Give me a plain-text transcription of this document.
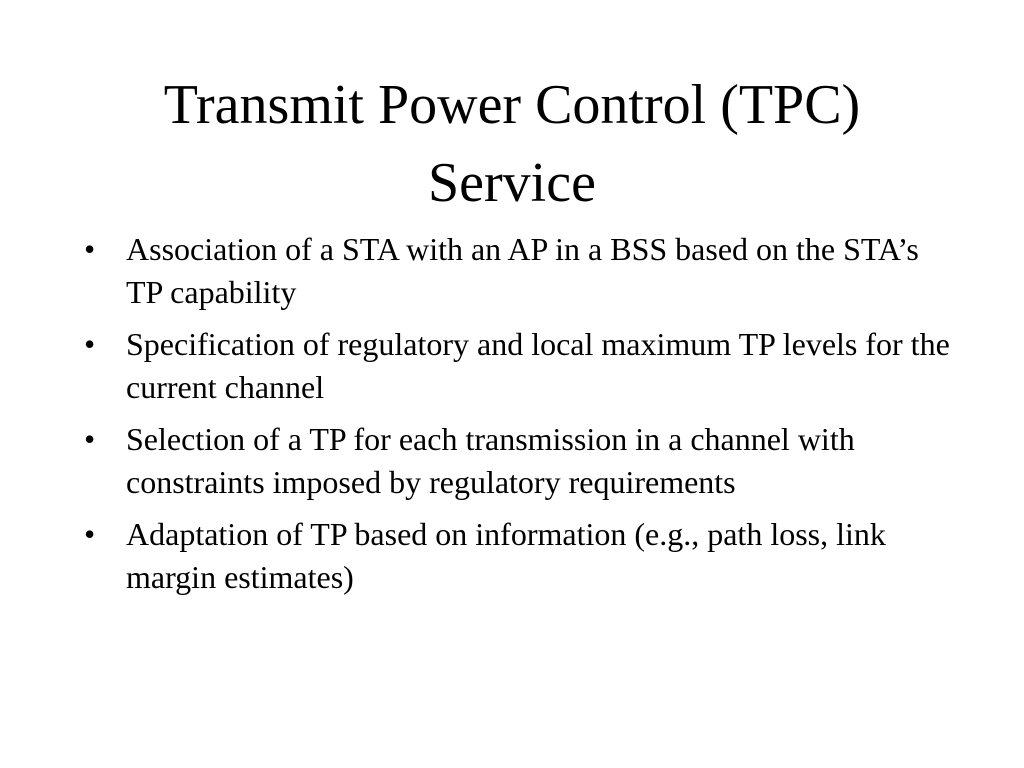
Transmit Power Control (TPC)
Service
• Association of a STA with an AP in a BSS based on the STA’s TP capability
• Specification of regulatory and local maximum TP levels for the current channel
• Selection of a TP for each transmission in a channel with constraints imposed by regulatory requirements
• Adaptation of TP based on information (e.g., path loss, link margin estimates)
